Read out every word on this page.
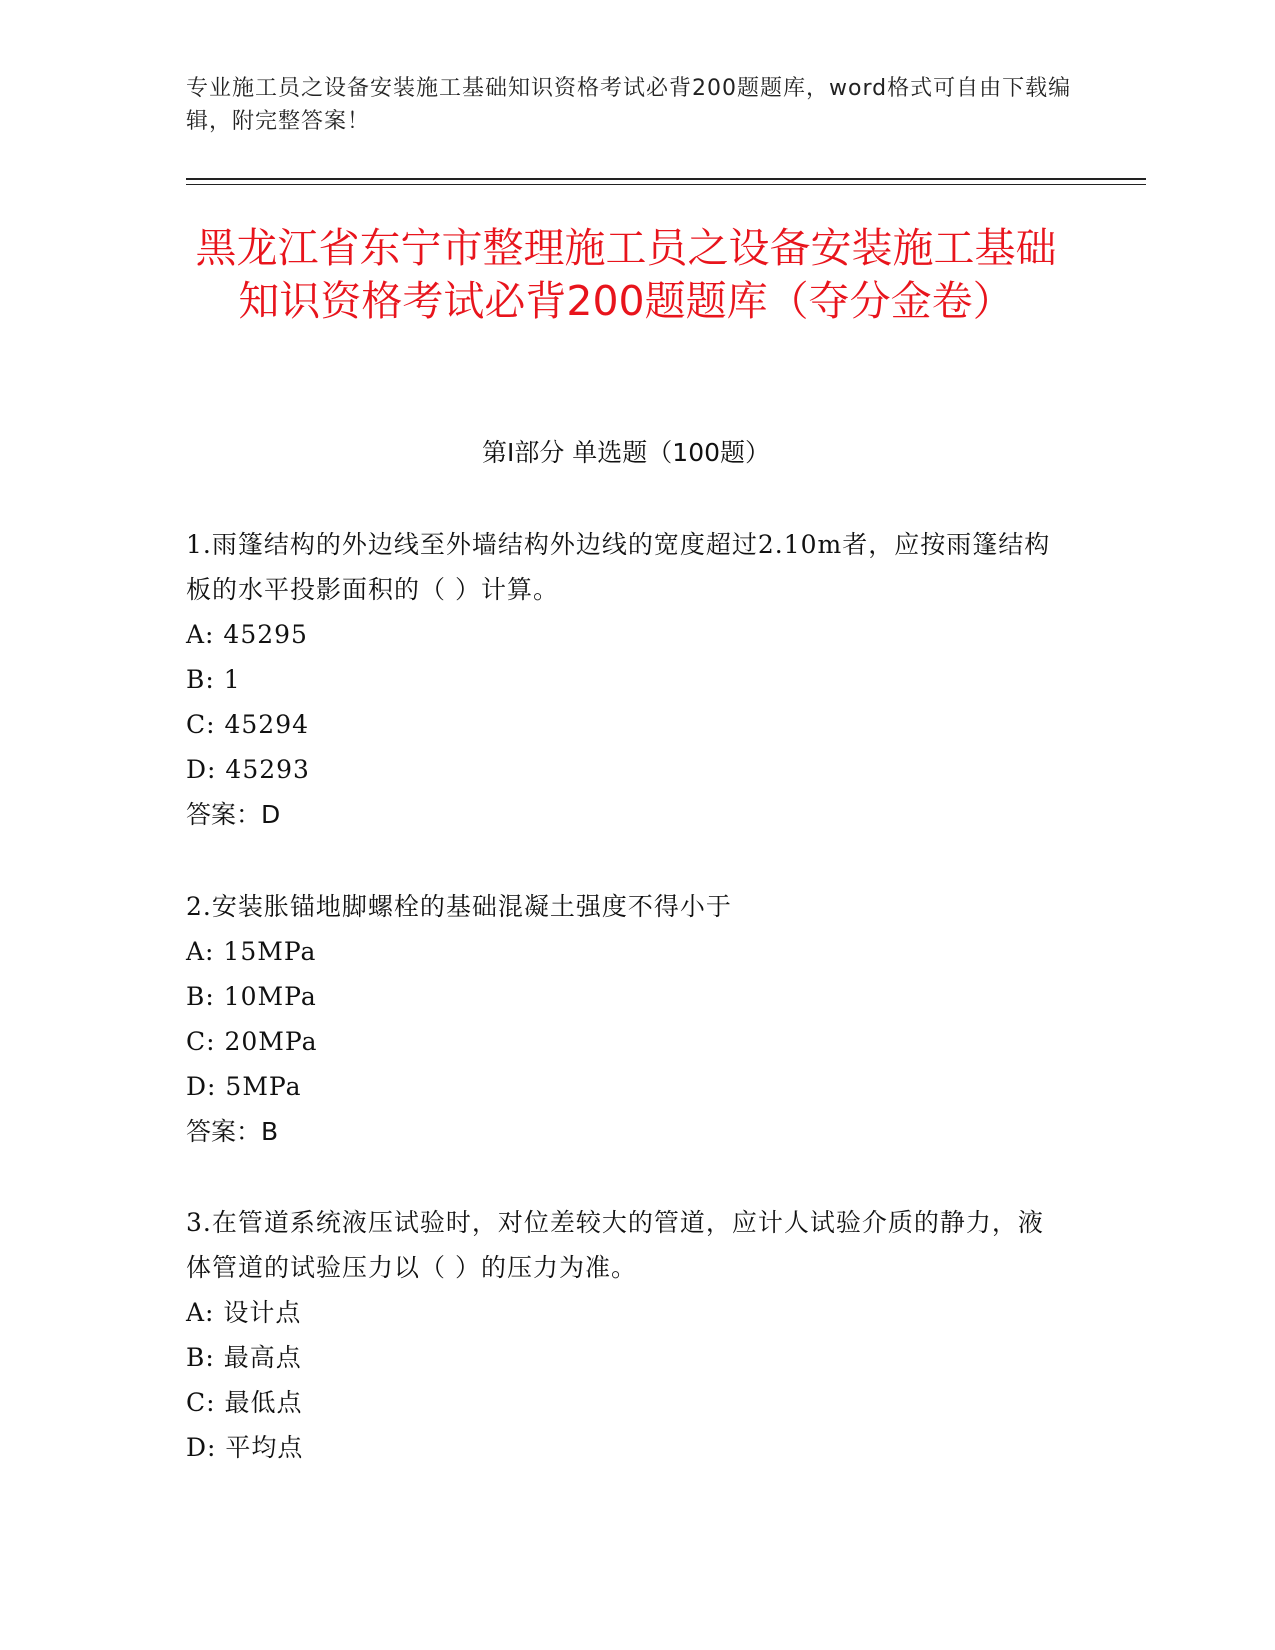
专业施工员之设备安装施工基础知识资格考试必背200题题库，word格式可自由下载编辑，附完整答案！
黑龙江省东宁市整理施工员之设备安装施工基础知识资格考试必背200题题库（夺分金卷）
第Ⅰ部分 单选题（100题）
1.雨篷结构的外边线至外墙结构外边线的宽度超过2.10m者，应按雨篷结构板的水平投影面积的（ ）计算。
A: 45295
B: 1
C: 45294
D: 45293
答案：D
2.安装胀锚地脚螺栓的基础混凝土强度不得小于
A: 15MPa
B: 10MPa
C: 20MPa
D: 5MPa
答案：B
3.在管道系统液压试验时，对位差较大的管道，应计人试验介质的静力，液体管道的试验压力以（ ）的压力为准。
A: 设计点
B: 最高点
C: 最低点
D: 平均点
